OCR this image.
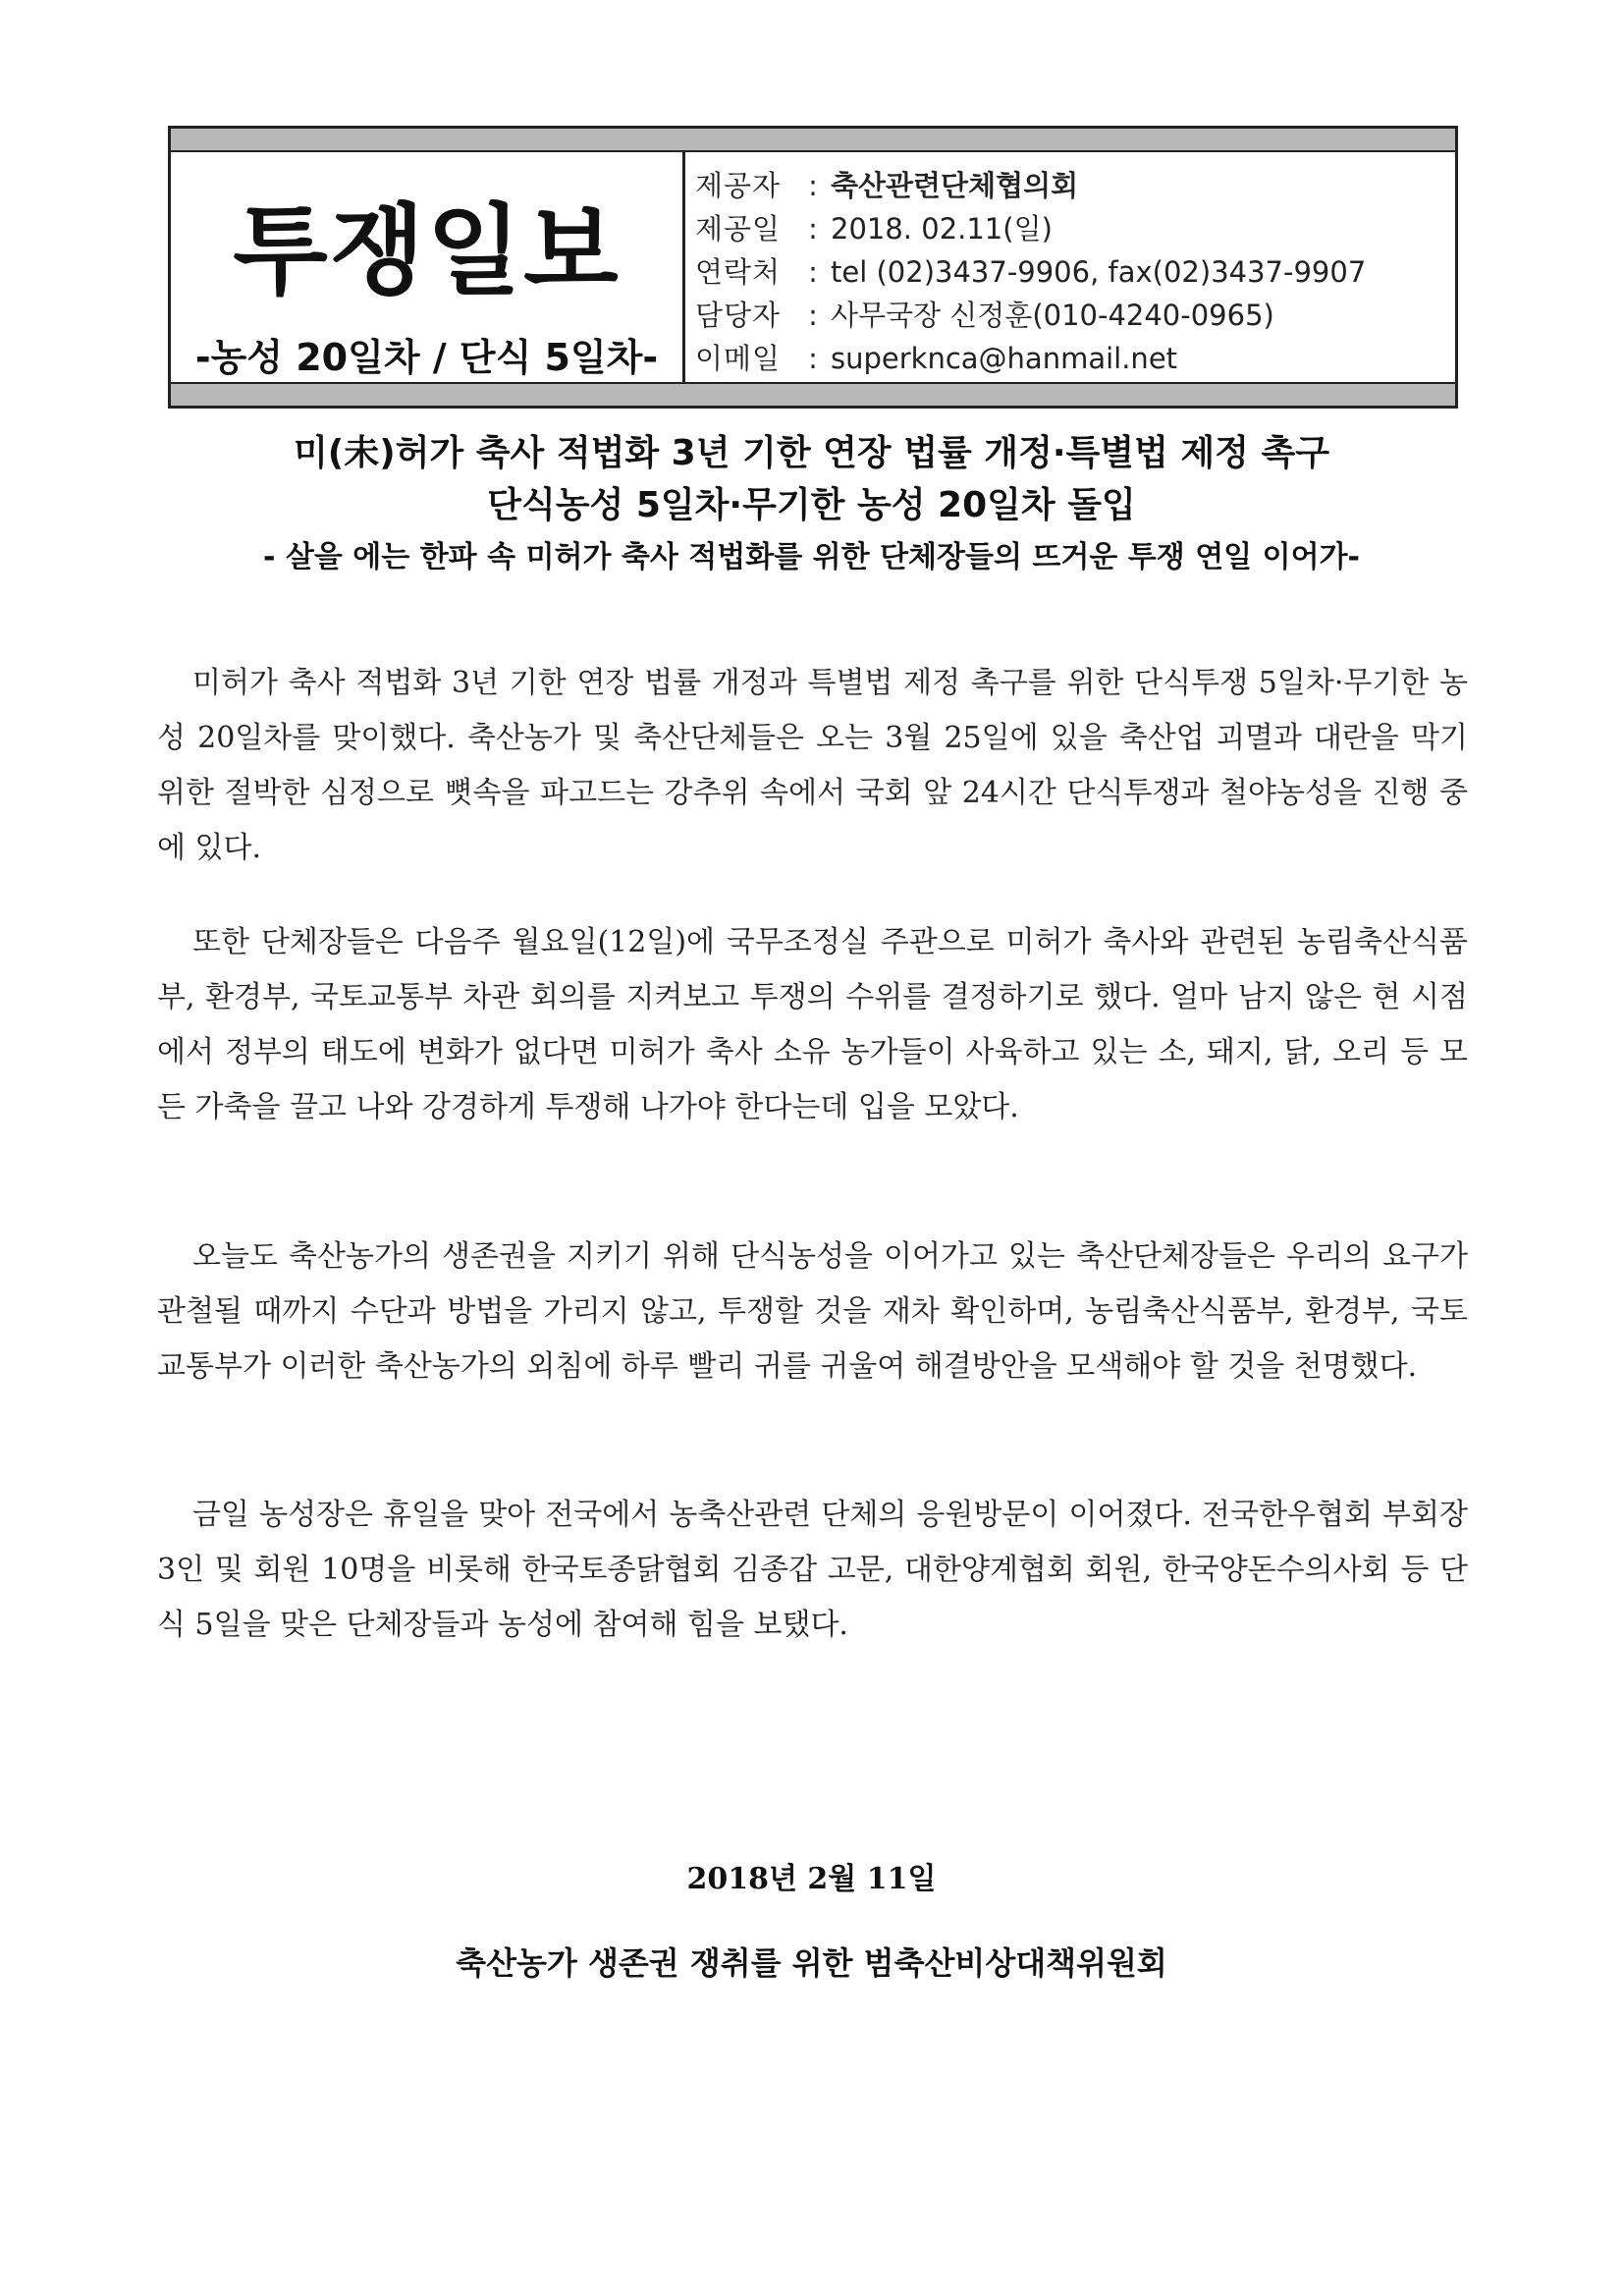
투쟁일보
-농성 20일차 / 단식 5일차-
제공자 : 축산관련단체협의회
제공일 : 2018. 02.11(일)
연락처 : tel (02)3437-9906, fax(02)3437-9907
담당자 : 사무국장 신정훈(010-4240-0965)
이메일 : superknca@hanmail.net
미(未)허가 축사 적법화 3년 기한 연장 법률 개정·특별법 제정 촉구
단식농성 5일차·무기한 농성 20일차 돌입
- 살을 에는 한파 속 미허가 축사 적법화를 위한 단체장들의 뜨거운 투쟁 연일 이어가-

미허가 축사 적법화 3년 기한 연장 법률 개정과 특별법 제정 촉구를 위한 단식투쟁 5일차·무기한 농성 20일차를 맞이했다. 축산농가 및 축산단체들은 오는 3월 25일에 있을 축산업 괴멸과 대란을 막기 위한 절박한 심정으로 뼛속을 파고드는 강추위 속에서 국회 앞 24시간 단식투쟁과 철야농성을 진행 중에 있다.

또한 단체장들은 다음주 월요일(12일)에 국무조정실 주관으로 미허가 축사와 관련된 농림축산식품부, 환경부, 국토교통부 차관 회의를 지켜보고 투쟁의 수위를 결정하기로 했다. 얼마 남지 않은 현 시점에서 정부의 태도에 변화가 없다면 미허가 축사 소유 농가들이 사육하고 있는 소, 돼지, 닭, 오리 등 모든 가축을 끌고 나와 강경하게 투쟁해 나가야 한다는데 입을 모았다.

오늘도 축산농가의 생존권을 지키기 위해 단식농성을 이어가고 있는 축산단체장들은 우리의 요구가 관철될 때까지 수단과 방법을 가리지 않고, 투쟁할 것을 재차 확인하며, 농림축산식품부, 환경부, 국토교통부가 이러한 축산농가의 외침에 하루 빨리 귀를 귀울여 해결방안을 모색해야 할 것을 천명했다.

금일 농성장은 휴일을 맞아 전국에서 농축산관련 단체의 응원방문이 이어졌다. 전국한우협회 부회장 3인 및 회원 10명을 비롯해 한국토종닭협회 김종갑 고문, 대한양계협회 회원, 한국양돈수의사회 등 단식 5일을 맞은 단체장들과 농성에 참여해 힘을 보탰다.

2018년 2월 11일
축산농가 생존권 쟁취를 위한 범축산비상대책위원회
